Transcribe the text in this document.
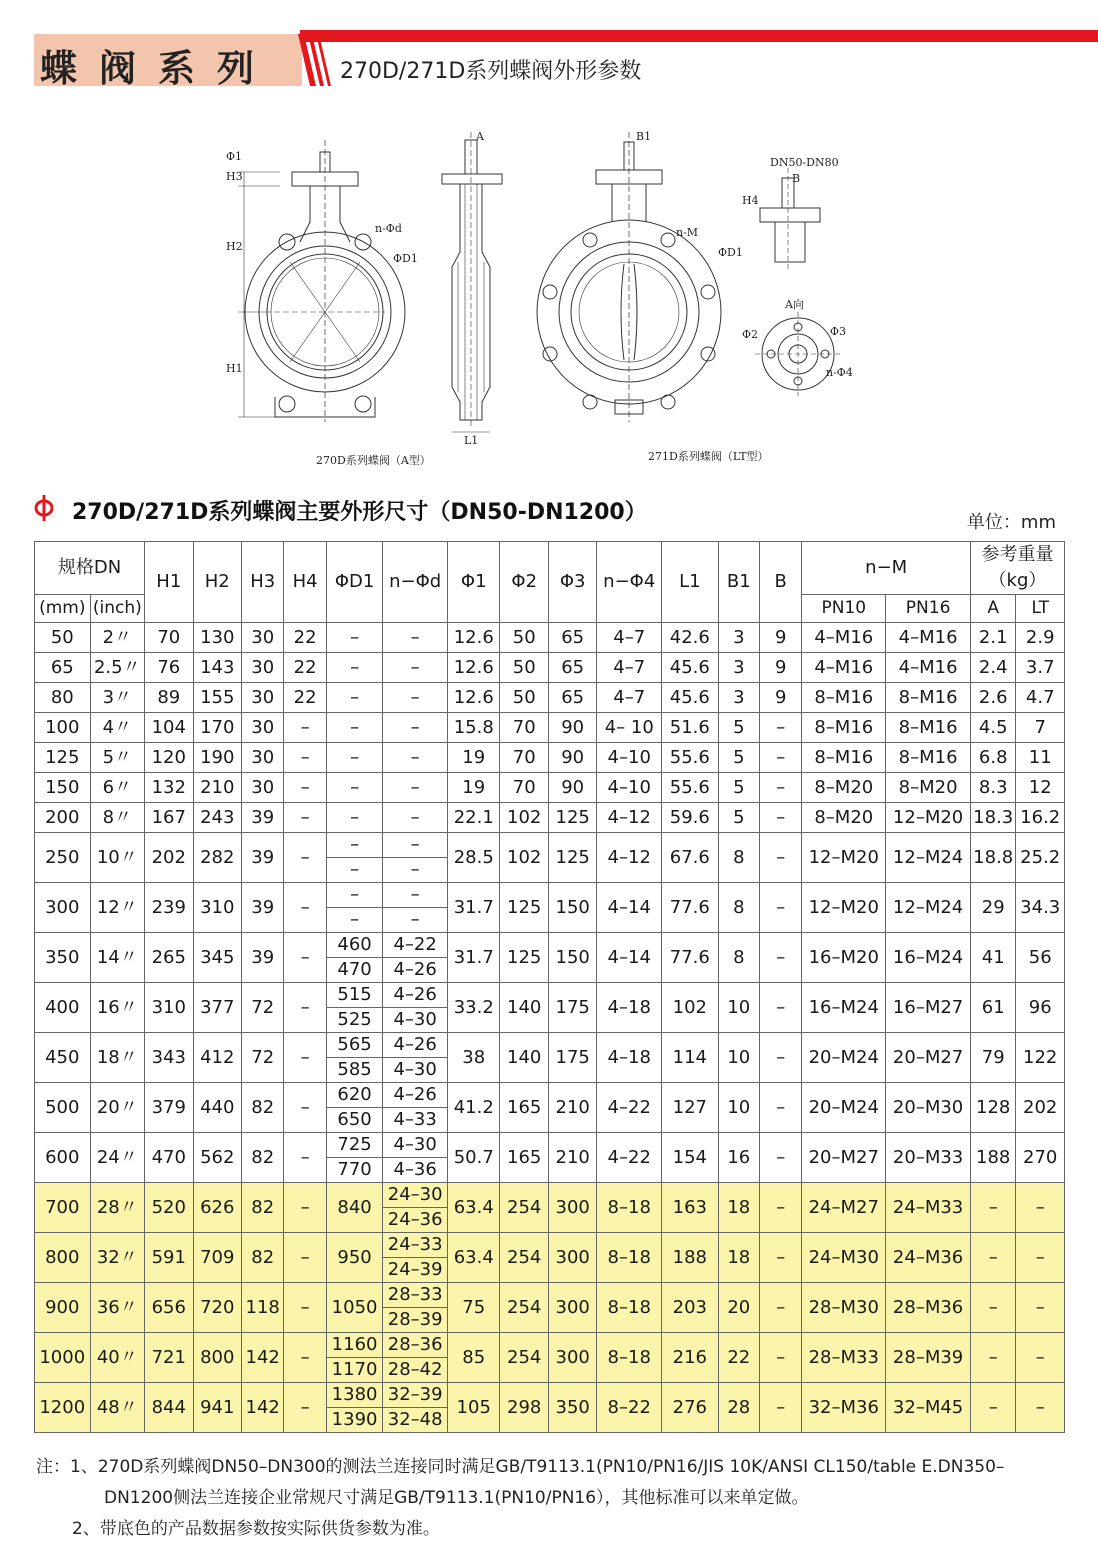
蝶阀系列	270D/271D系列蝶阀外形参数
Φ1
H3
H2
H1
n-Φd
ΦD1
A
L1
B1
n-M
ΦD1
B
H4
Φ2	Φ3
n-Φ4
DN50-DN80
A向
270D系列蝶阀（A型）	271D系列蝶阀（LT型）
270D/271D系列蝶阀主要外形尺寸（DN50-DN1200）	单位：mm
规格DN		H1	H2	H3	H4	ΦD1	n−Φd	Φ1	Φ2	Φ3	n−Φ4	L1	B1	B	n−M		参考重量（kg）	
(mm)	(inch)														PN10	PN16	A	LT
50	2〃	70	130	30	22	–	–	12.6	50	65	4–7	42.6	3	9	4–M16	4–M16	2.1	2.9
65	2.5〃	76	143	30	22	–	–	12.6	50	65	4–7	45.6	3	9	4–M16	4–M16	2.4	3.7
80	3〃	89	155	30	22	–	–	12.6	50	65	4–7	45.6	3	9	8–M16	8–M16	2.6	4.7
100	4〃	104	170	30	–	–	–	15.8	70	90	4– 10	51.6	5	–	8–M16	8–M16	4.5	7
125	5〃	120	190	30	–	–	–	19	70	90	4–10	55.6	5	–	8–M16	8–M16	6.8	11
150	6〃	132	210	30	–	–	–	19	70	90	4–10	55.6	5	–	8–M20	8–M20	8.3	12
200	8〃	167	243	39	–	–	–	22.1	102	125	4–12	59.6	5	–	8–M20	12–M20	18.3	16.2
250	10〃	202	282	39	–	–	–	28.5	102	125	4–12	67.6	8	–	12–M20	12–M24	18.8	25.2
						–	–											
300	12〃	239	310	39	–	–	–	31.7	125	150	4–14	77.6	8	–	12–M20	12–M24	29	34.3
						–	–											
350	14〃	265	345	39	–	460	4–22	31.7	125	150	4–14	77.6	8	–	16–M20	16–M24	41	56
						470	4–26											
400	16〃	310	377	72	–	515	4–26	33.2	140	175	4–18	102	10	–	16–M24	16–M27	61	96
						525	4–30											
450	18〃	343	412	72	–	565	4–26	38	140	175	4–18	114	10	–	20–M24	20–M27	79	122
						585	4–30											
500	20〃	379	440	82	–	620	4–26	41.2	165	210	4–22	127	10	–	20–M24	20–M30	128	202
						650	4–33											
600	24〃	470	562	82	–	725	4–30	50.7	165	210	4–22	154	16	–	20–M27	20–M33	188	270
						770	4–36											
700	28〃	520	626	82	–	840	24–30	63.4	254	300	8–18	163	18	–	24–M27	24–M33	–	–
							24–36											
800	32〃	591	709	82	–	950	24–33	63.4	254	300	8–18	188	18	–	24–M30	24–M36	–	–
							24–39											
900	36〃	656	720	118	–	1050	28–33	75	254	300	8–18	203	20	–	28–M30	28–M36	–	–
							28–39											
1000	40〃	721	800	142	–	1160	28–36	85	254	300	8–18	216	22	–	28–M33	28–M39	–	–
						1170	28–42											
1200	48〃	844	941	142	–	1380	32–39	105	298	350	8–22	276	28	–	32–M36	32–M45	–	–
						1390	32–48											
注：1、270D系列蝶阀DN50–DN300的测法兰连接同时满足GB/T9113.1(PN10/PN16/JIS 10K/ANSI CL150/table E.DN350–
DN1200侧法兰连接企业常规尺寸满足GB/T9113.1(PN10/PN16），其他标准可以来单定做。
2、带底色的产品数据参数按实际供货参数为准。
